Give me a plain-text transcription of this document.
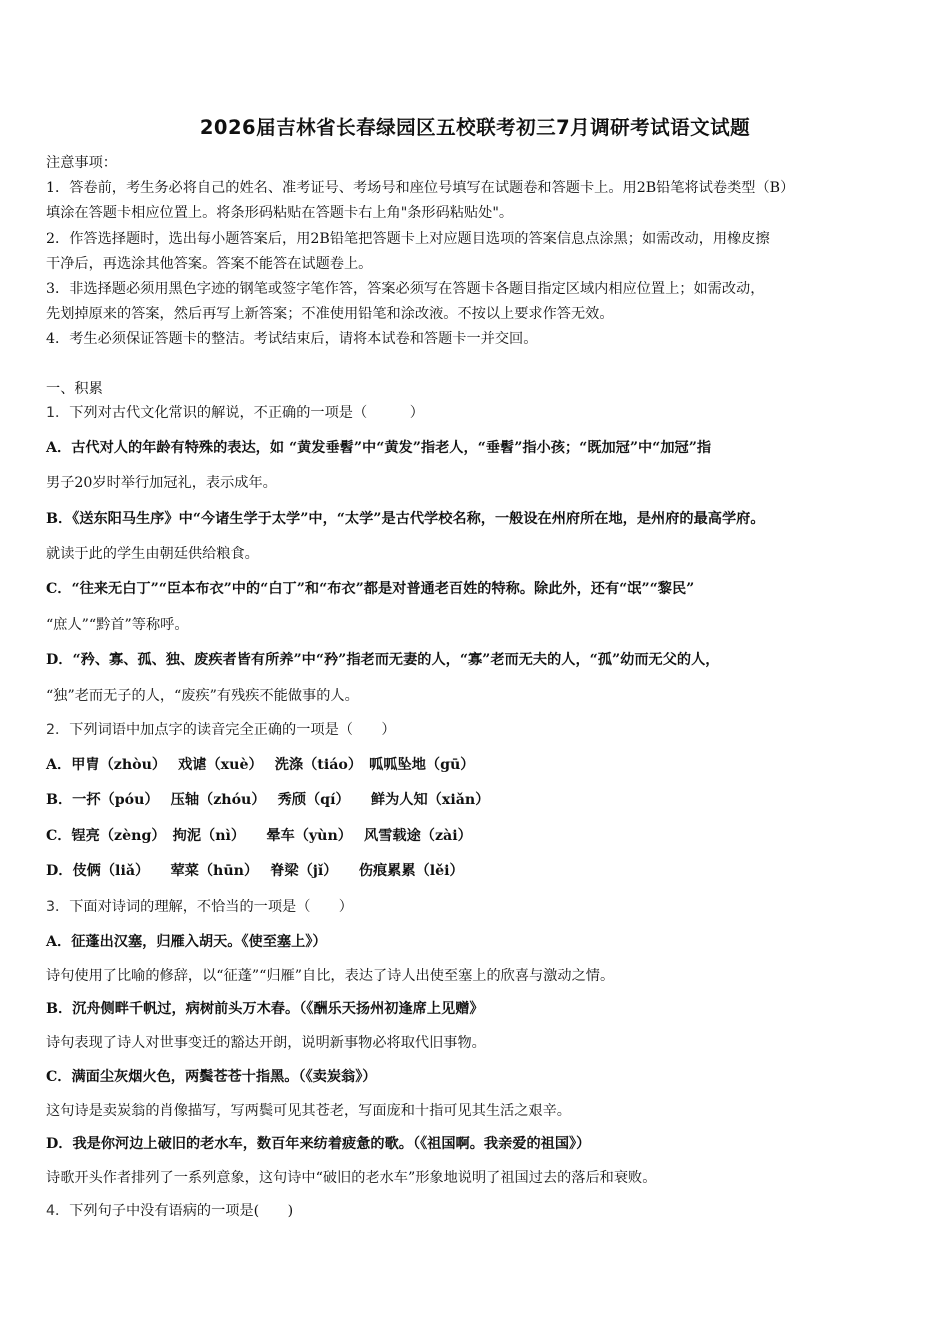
2026届吉林省长春绿园区五校联考初三7月调研考试语文试题
注意事项：
1．答卷前，考生务必将自己的姓名、准考证号、考场号和座位号填写在试题卷和答题卡上。用2B铅笔将试卷类型（B）
填涂在答题卡相应位置上。将条形码粘贴在答题卡右上角"条形码粘贴处"。
2．作答选择题时，选出每小题答案后，用2B铅笔把答题卡上对应题目选项的答案信息点涂黑；如需改动，用橡皮擦
干净后，再选涂其他答案。答案不能答在试题卷上。
3．非选择题必须用黑色字迹的钢笔或签字笔作答，答案必须写在答题卡各题目指定区域内相应位置上；如需改动，
先划掉原来的答案，然后再写上新答案；不准使用铅笔和涂改液。不按以上要求作答无效。
4．考生必须保证答题卡的整洁。考试结束后，请将本试卷和答题卡一并交回。
一、积累
1．下列对古代文化常识的解说，不正确的一项是（　　　）
A．古代对人的年龄有特殊的表达，如 “黄发垂髫”中“黄发”指老人，“垂髫”指小孩；“既加冠”中“加冠”指
男子20岁时举行加冠礼，表示成年。
B．《送东阳马生序》中“今诸生学于太学”中，“太学”是古代学校名称，一般设在州府所在地，是州府的最高学府。
就读于此的学生由朝廷供给粮食。
C．“往来无白丁”“臣本布衣”中的“白丁”和“布衣”都是对普通老百姓的特称。除此外，还有“氓”“黎民”
“庶人”“黔首”等称呼。
D．“矜、寡、孤、独、废疾者皆有所养”中“矜”指老而无妻的人，“寡”老而无夫的人，“孤”幼而无父的人，
“独”老而无子的人，“废疾”有残疾不能做事的人。
2．下列词语中加点字的读音完全正确的一项是（　　）
A．甲胄（zhòu）　 戏谑（xuè）　 洗涤（tiáo）　呱呱坠地（gū）
B．一抔（póu）　 压轴（zhóu）　 秀颀（qí）　　鲜为人知（xiǎn）
C．锃亮（zèng）　拘泥（nì）　　晕车（yùn）　 风雪载途（zài）
D．伎俩（liǎ）　　荤菜（hūn）　 脊梁（jǐ）　　伤痕累累（lěi）
3．下面对诗词的理解，不恰当的一项是（　　）
A．征蓬出汉塞，归雁入胡天。《使至塞上》）
诗句使用了比喻的修辞，以“征蓬”“归雁”自比，表达了诗人出使至塞上的欣喜与激动之情。
B．沉舟侧畔千帆过，病树前头万木春。（《酬乐天扬州初逢席上见赠》
诗句表现了诗人对世事变迁的豁达开朗，说明新事物必将取代旧事物。
C．满面尘灰烟火色，两鬓苍苍十指黑。（《卖炭翁》）
这句诗是卖炭翁的肖像描写，写两鬓可见其苍老，写面庞和十指可见其生活之艰辛。
D．我是你河边上破旧的老水车，数百年来纺着疲惫的歌。（《祖国啊。我亲爱的祖国》）
诗歌开头作者排列了一系列意象，这句诗中“破旧的老水车”形象地说明了祖国过去的落后和衰败。
4．下列句子中没有语病的一项是(　　)
